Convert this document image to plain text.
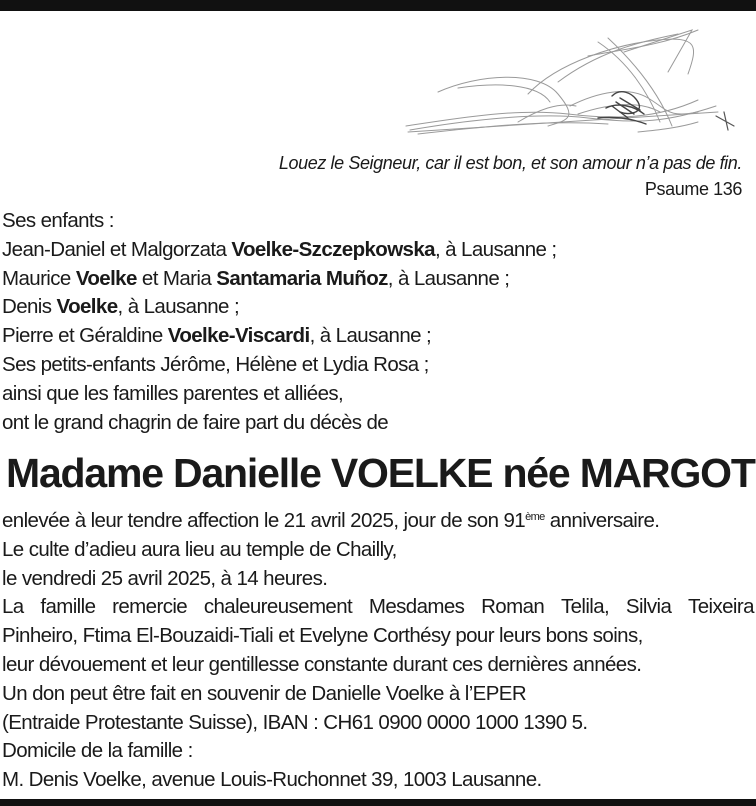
Louez le Seigneur, car il est bon, et son amour n’a pas de fin.
Psaume 136
Ses enfants :
Jean-Daniel et Malgorzata Voelke-Szczepkowska, à Lausanne ;
Maurice Voelke et Maria Santamaria Muñoz, à Lausanne ;
Denis Voelke, à Lausanne ;
Pierre et Géraldine Voelke-Viscardi, à Lausanne ;
Ses petits-enfants Jérôme, Hélène et Lydia Rosa ;
ainsi que les familles parentes et alliées,
ont le grand chagrin de faire part du décès de
Madame Danielle VOELKE née MARGOT
enlevée à leur tendre affection le 21 avril 2025, jour de son 91ème anniversaire.
Le culte d’adieu aura lieu au temple de Chailly,
le vendredi 25 avril 2025, à 14 heures.
La famille remercie chaleureusement Mesdames Roman Telila, Silvia Teixeira
Pinheiro, Ftima El-Bouzaidi-Tiali et Evelyne Corthésy pour leurs bons soins,
leur dévouement et leur gentillesse constante durant ces dernières années.
Un don peut être fait en souvenir de Danielle Voelke à l’EPER
(Entraide Protestante Suisse), IBAN : CH61 0900 0000 1000 1390 5.
Domicile de la famille :
M. Denis Voelke, avenue Louis-Ruchonnet 39, 1003 Lausanne.
